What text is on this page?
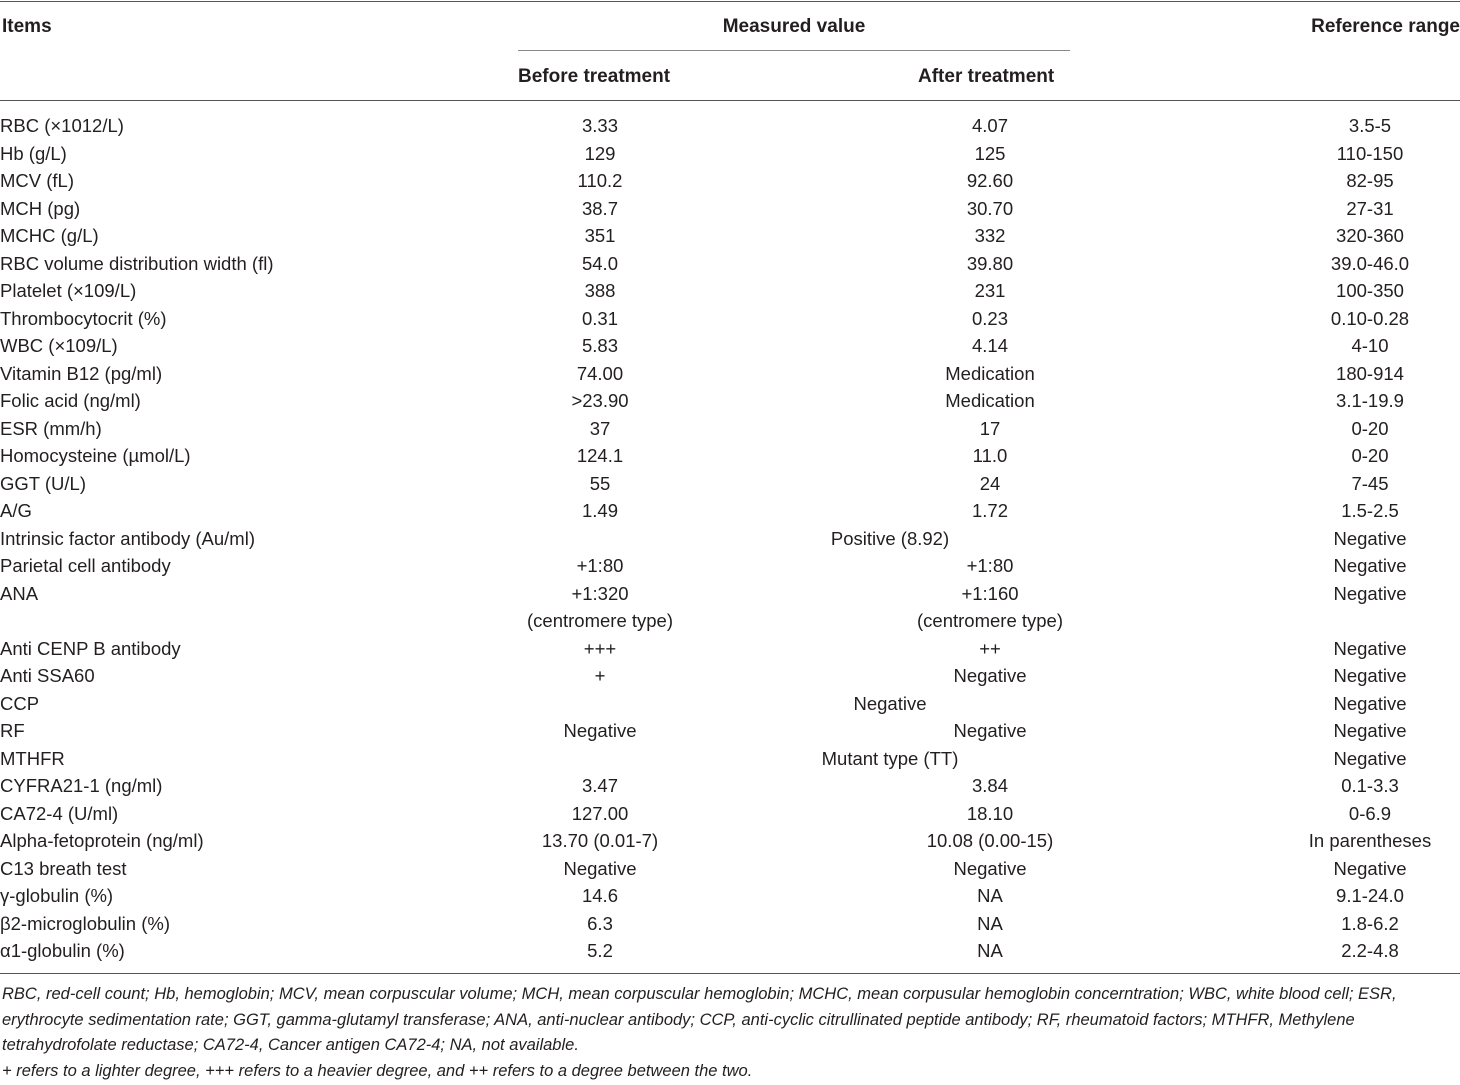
Items	Measured value	Reference range
Before treatment	After treatment
RBC (×1012/L)	3.33	4.07	3.5-5
Hb (g/L)	129	125	110-150
MCV (fL)	110.2	92.60	82-95
MCH (pg)	38.7	30.70	27-31
MCHC (g/L)	351	332	320-360
RBC volume distribution width (fl)	54.0	39.80	39.0-46.0
Platelet (×109/L)	388	231	100-350
Thrombocytocrit (%)	0.31	0.23	0.10-0.28
WBC (×109/L)	5.83	4.14	4-10
Vitamin B12 (pg/ml)	74.00	Medication	180-914
Folic acid (ng/ml)	>23.90	Medication	3.1-19.9
ESR (mm/h)	37	17	0-20
Homocysteine (µmol/L)	124.1	11.0	0-20
GGT (U/L)	55	24	7-45
A/G	1.49	1.72	1.5-2.5
Intrinsic factor antibody (Au/ml)	Positive (8.92)		Negative
Parietal cell antibody	+1:80	+1:80	Negative
ANA	+1:320	+1:160	Negative
	(centromere type)	(centromere type)	
Anti CENP B antibody	+++	++	Negative
Anti SSA60	+	Negative	Negative
CCP	Negative		Negative
RF	Negative	Negative	Negative
MTHFR	Mutant type (TT)		Negative
CYFRA21-1 (ng/ml)	3.47	3.84	0.1-3.3
CA72-4 (U/ml)	127.00	18.10	0-6.9
Alpha-fetoprotein (ng/ml)	13.70 (0.01-7)	10.08 (0.00-15)	In parentheses
C13 breath test	Negative	Negative	Negative
γ-globulin (%)	14.6	NA	9.1-24.0
β2-microglobulin (%)	6.3	NA	1.8-6.2
α1-globulin (%)	5.2	NA	2.2-4.8
RBC, red-cell count; Hb, hemoglobin; MCV, mean corpuscular volume; MCH, mean corpuscular hemoglobin; MCHC, mean corpusular hemoglobin concerntration; WBC, white blood cell; ESR, erythrocyte sedimentation rate; GGT, gamma-glutamyl transferase; ANA, anti-nuclear antibody; CCP, anti-cyclic citrullinated peptide antibody; RF, rheumatoid factors; MTHFR, Methylene tetrahydrofolate reductase; CA72-4, Cancer antigen CA72-4; NA, not available.
+ refers to a lighter degree, +++ refers to a heavier degree, and ++ refers to a degree between the two.
